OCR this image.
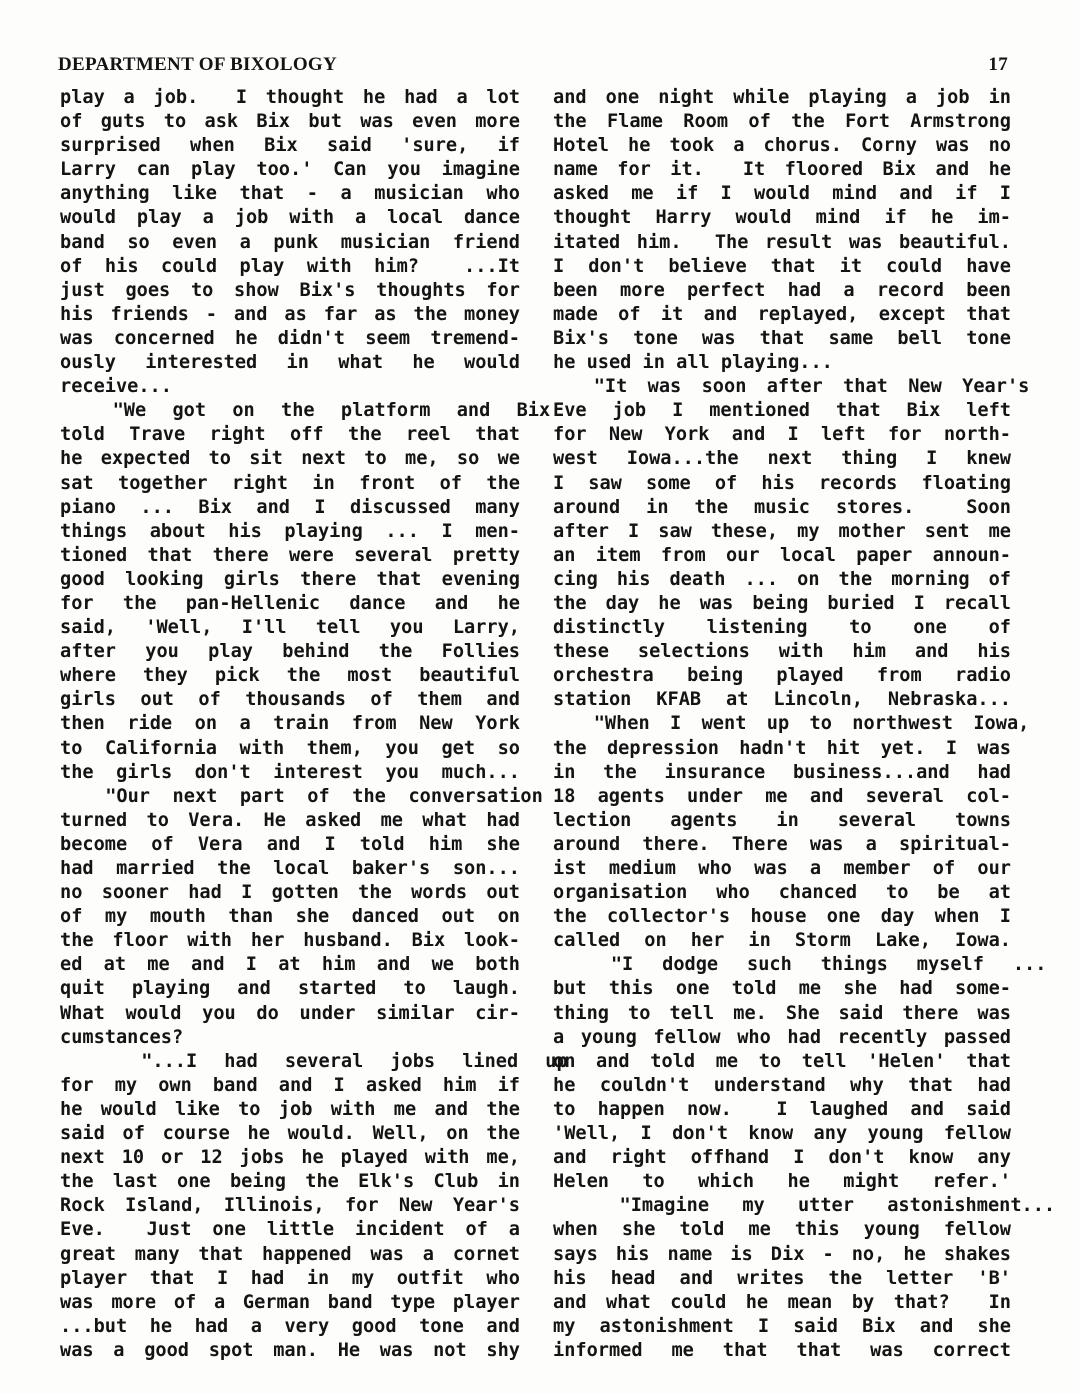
DEPARTMENT OF BIXOLOGY	17
play a job.  I thought he had a lot
of guts to ask Bix but was even more
surprised when Bix said 'sure, if
Larry can play too.' Can you imagine
anything like that - a musician who
would play a job with a local dance
band so even a punk musician friend
of his could play with him?  ...It
just goes to show Bix's thoughts for
his friends - and as far as the money
was concerned he didn't seem tremend-
ously interested in what he would
receive...
"We got on the platform and Bix
told Trave right off the reel that
he expected to sit next to me, so we
sat together right in front of the
piano ... Bix and I discussed many
things about his playing ... I men-
tioned that there were several pretty
good looking girls there that evening
for the pan-Hellenic dance and he
said, 'Well, I'll tell you Larry,
after you play behind the Follies
where they pick the most beautiful
girls out of thousands of them and
then ride on a train from New York
to California with them, you get so
the girls don't interest you much...
"Our next part of the conversation
turned to Vera. He asked me what had
become of Vera and I told him she
had married the local baker's son...
no sooner had I gotten the words out
of my mouth than she danced out on
the floor with her husband. Bix look-
ed at me and I at him and we both
quit playing and started to laugh.
What would you do under similar cir-
cumstances?
"...I had several jobs lined up
for my own band and I asked him if
he would like to job with me and the
said of course he would. Well, on the
next 10 or 12 jobs he played with me,
the last one being the Elk's Club in
Rock Island, Illinois, for New Year's
Eve.  Just one little incident of a
great many that happened was a cornet
player that I had in my outfit who
was more of a German band type player
...but he had a very good tone and
was a good spot man. He was not shy
and one night while playing a job in
the Flame Room of the Fort Armstrong
Hotel he took a chorus. Corny was no
name for it.  It floored Bix and he
asked me if I would mind and if I
thought Harry would mind if he im-
itated him.  The result was beautiful.
I don't believe that it could have
been more perfect had a record been
made of it and replayed, except that
Bix's tone was that same bell tone
he used in all playing...
"It was soon after that New Year's
Eve job I mentioned that Bix left
for New York and I left for north-
west Iowa...the next thing I knew
I saw some of his records floating
around in the music stores.  Soon
after I saw these, my mother sent me
an item from our local paper announ-
cing his death ... on the morning of
the day he was being buried I recall
distinctly listening to one of
these selections with him and his
orchestra being played from radio
station KFAB at Lincoln, Nebraska...
"When I went up to northwest Iowa,
the depression hadn't hit yet. I was
in the insurance business...and had
18 agents under me and several col-
lection agents in several towns
around there. There was a spiritual-
ist medium who was a member of our
organisation who chanced to be at
the collector's house one day when I
called on her in Storm Lake, Iowa.
"I dodge such things myself ...
but this one told me she had some-
thing to tell me. She said there was
a young fellow who had recently passed
on and told me to tell 'Helen' that
he couldn't understand why that had
to happen now.  I laughed and said
'Well, I don't know any young fellow
and right offhand I don't know any
Helen to which he might refer.'
"Imagine my utter astonishment...
when she told me this young fellow
says his name is Dix - no, he shakes
his head and writes the letter 'B'
and what could he mean by that?  In
my astonishment I said Bix and she
informed me that that was correct
